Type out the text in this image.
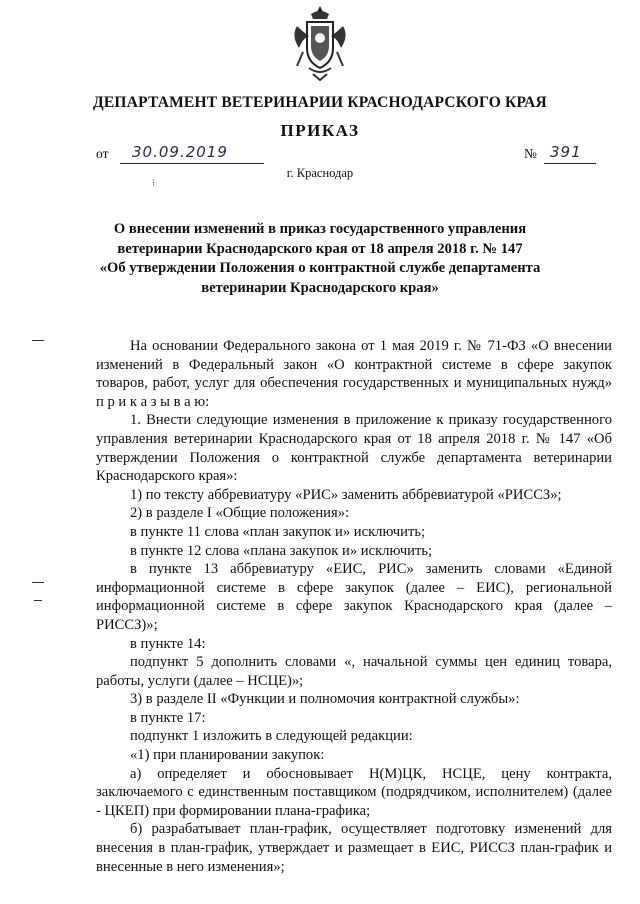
ДЕПАРТАМЕНТ ВЕТЕРИНАРИИ КРАСНОДАРСКОГО КРАЯ
ПРИКАЗ
от 30.09.2019	№ 391
г. Краснодар
⁝
О внесении изменений в приказ государственного управления
ветеринарии Краснодарского края от 18 апреля 2018 г. № 147
«Об утверждении Положения о контрактной службе департамента
ветеринарии Краснодарского края»

На основании Федерального закона от 1 мая 2019 г. № 71-ФЗ «О внесении изменений в Федеральный закон «О контрактной системе в сфере закупок товаров, работ, услуг для обеспечения государственных и муниципальных нужд» п р и к а з ы в а ю:

1. Внести следующие изменения в приложение к приказу государственного управления ветеринарии Краснодарского края от 18 апреля 2018 г. № 147 «Об утверждении Положения о контрактной службе департамента ветеринарии Краснодарского края»:

1) по тексту аббревиатуру «РИС» заменить аббревиатурой «РИССЗ»;

2) в разделе I «Общие положения»:

в пункте 11 слова «план закупок и» исключить;

в пункте 12 слова «плана закупок и» исключить;

в пункте 13 аббревиатуру «ЕИС, РИС» заменить словами «Единой информационной системе в сфере закупок (далее – ЕИС), региональной информационной системе в сфере закупок Краснодарского края (далее – РИССЗ)»;

в пункте 14:

подпункт 5 дополнить словами «, начальной суммы цен единиц товара, работы, услуги (далее – НСЦЕ)»;

3) в разделе II «Функции и полномочия контрактной службы»:

в пункте 17:

подпункт 1 изложить в следующей редакции:

«1) при планировании закупок:

а) определяет и обосновывает Н(М)ЦК, НСЦЕ, цену контракта, заключаемого с единственным поставщиком (подрядчиком, исполнителем) (далее - ЦКЕП) при формировании плана-графика;

б) разрабатывает план-график, осуществляет подготовку изменений для внесения в план-график, утверждает и размещает в ЕИС, РИССЗ план-график и внесенные в него изменения»;
